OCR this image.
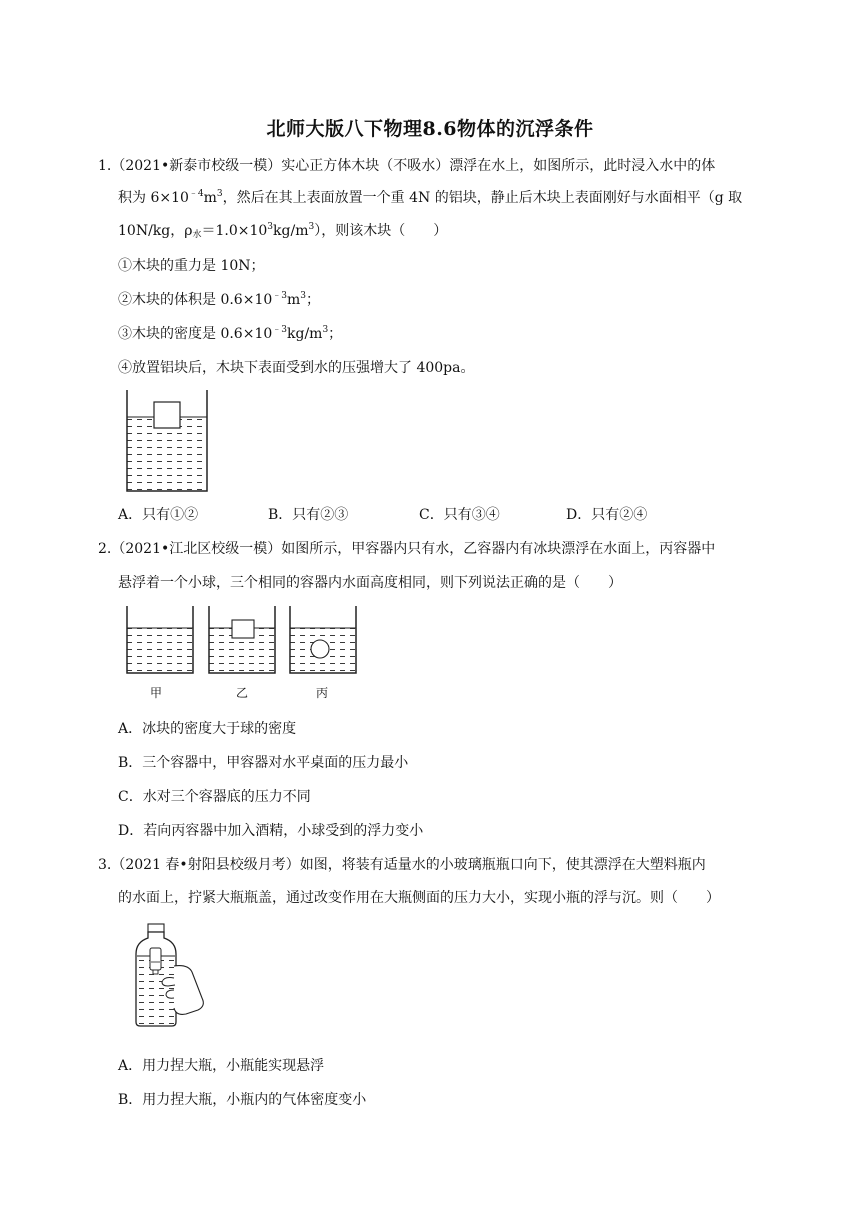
北师大版八下物理8.6物体的沉浮条件
1.（2021•新泰市校级一模）实心正方体木块（不吸水）漂浮在水上，如图所示，此时浸入水中的体
积为 $6\times 10^{﹣4}m^3$，然后在其上表面放置一个重 4N 的铝块，静止后木块上表面刚好与水面相平（g 取
10N/kg，$\rho_水=1.0\times 10^3kg/m^3$），则该木块（　　）
①木块的重力是 10N；
②木块的体积是 $0.6\times 10^{﹣3}m^3$；
③木块的密度是 $0.6\times 10^{﹣3}kg/m^3$；
④放置铝块后，木块下表面受到水的压强增大了 400pa。
A．只有①②	B．只有②③	C．只有③④	D．只有②④
2.（2021•江北区校级一模）如图所示，甲容器内只有水，乙容器内有冰块漂浮在水面上，丙容器中
悬浮着一个小球，三个相同的容器内水面高度相同，则下列说法正确的是（　　）
甲	乙	丙
A．冰块的密度大于球的密度
B．三个容器中，甲容器对水平桌面的压力最小
C．水对三个容器底的压力不同
D．若向丙容器中加入酒精，小球受到的浮力变小
3.（2021 春•射阳县校级月考）如图，将装有适量水的小玻璃瓶瓶口向下，使其漂浮在大塑料瓶内
的水面上，拧紧大瓶瓶盖，通过改变作用在大瓶侧面的压力大小，实现小瓶的浮与沉。则（　　）
A．用力捏大瓶，小瓶能实现悬浮
B．用力捏大瓶，小瓶内的气体密度变小
